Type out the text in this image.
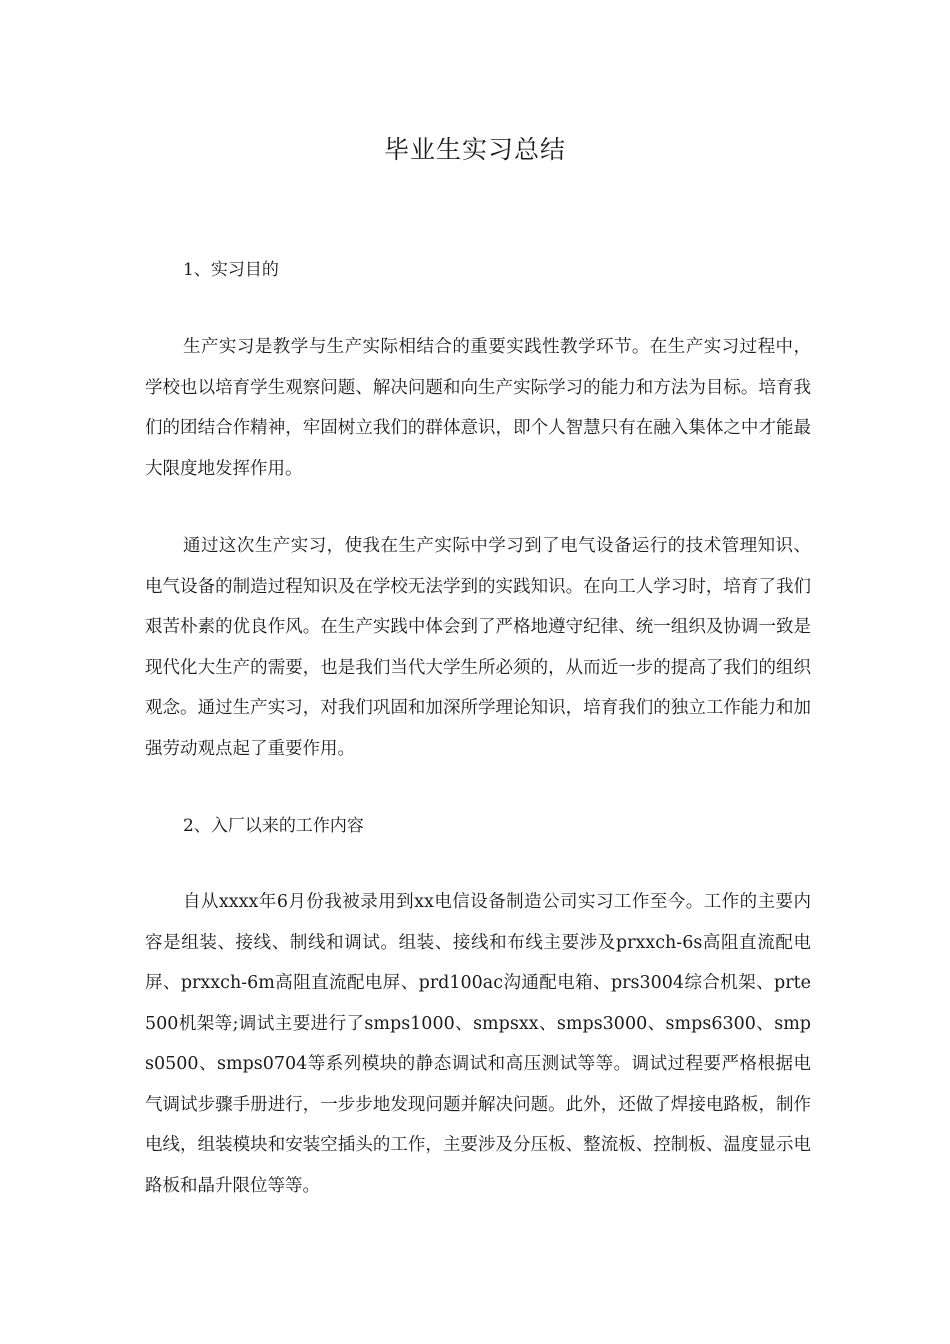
毕业生实习总结
1、实习目的
生产实习是教学与生产实际相结合的重要实践性教学环节。在生产实习过程中，学校也以培育学生观察问题、解决问题和向生产实际学习的能力和方法为目标。培育我们的团结合作精神，牢固树立我们的群体意识，即个人智慧只有在融入集体之中才能最大限度地发挥作用。
通过这次生产实习，使我在生产实际中学习到了电气设备运行的技术管理知识、电气设备的制造过程知识及在学校无法学到的实践知识。在向工人学习时，培育了我们艰苦朴素的优良作风。在生产实践中体会到了严格地遵守纪律、统一组织及协调一致是现代化大生产的需要，也是我们当代大学生所必须的，从而近一步的提高了我们的组织观念。通过生产实习，对我们巩固和加深所学理论知识，培育我们的独立工作能力和加强劳动观点起了重要作用。
2、入厂以来的工作内容
自从xxxx年6月份我被录用到xx电信设备制造公司实习工作至今。工作的主要内容是组装、接线、制线和调试。组装、接线和布线主要涉及prxxch-6s高阻直流配电屏、prxxch-6m高阻直流配电屏、prd100ac沟通配电箱、prs3004综合机架、prte500机架等;调试主要进行了smps1000、smpsxx、smps3000、smps6300、smps0500、smps0704等系列模块的静态调试和高压测试等等。调试过程要严格根据电气调试步骤手册进行，一步步地发现问题并解决问题。此外，还做了焊接电路板，制作电线，组装模块和安装空插头的工作，主要涉及分压板、整流板、控制板、温度显示电路板和晶升限位等等。
